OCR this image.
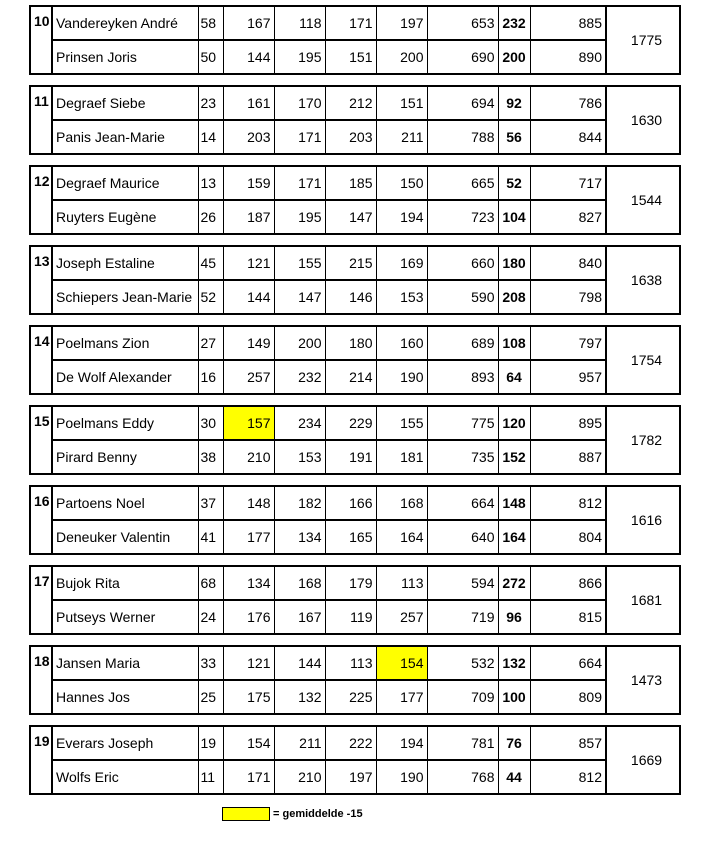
10	Vandereyken André	58	167	118	171	197	653	232	885	1775
	Prinsen Joris	50	144	195	151	200	690	200	890	
11	Degraef Siebe	23	161	170	212	151	694	92	786	1630
	Panis Jean-Marie	14	203	171	203	211	788	56	844	
12	Degraef Maurice	13	159	171	185	150	665	52	717	1544
	Ruyters Eugène	26	187	195	147	194	723	104	827	
13	Joseph Estaline	45	121	155	215	169	660	180	840	1638
	Schiepers Jean-Marie	52	144	147	146	153	590	208	798	
14	Poelmans Zion	27	149	200	180	160	689	108	797	1754
	De Wolf Alexander	16	257	232	214	190	893	64	957	
15	Poelmans Eddy	30	157	234	229	155	775	120	895	1782
	Pirard Benny	38	210	153	191	181	735	152	887	
16	Partoens Noel	37	148	182	166	168	664	148	812	1616
	Deneuker Valentin	41	177	134	165	164	640	164	804	
17	Bujok Rita	68	134	168	179	113	594	272	866	1681
	Putseys Werner	24	176	167	119	257	719	96	815	
18	Jansen Maria	33	121	144	113	154	532	132	664	1473
	Hannes Jos	25	175	132	225	177	709	100	809	
19	Everars Joseph	19	154	211	222	194	781	76	857	1669
	Wolfs Eric	11	171	210	197	190	768	44	812	
= gemiddelde -15
